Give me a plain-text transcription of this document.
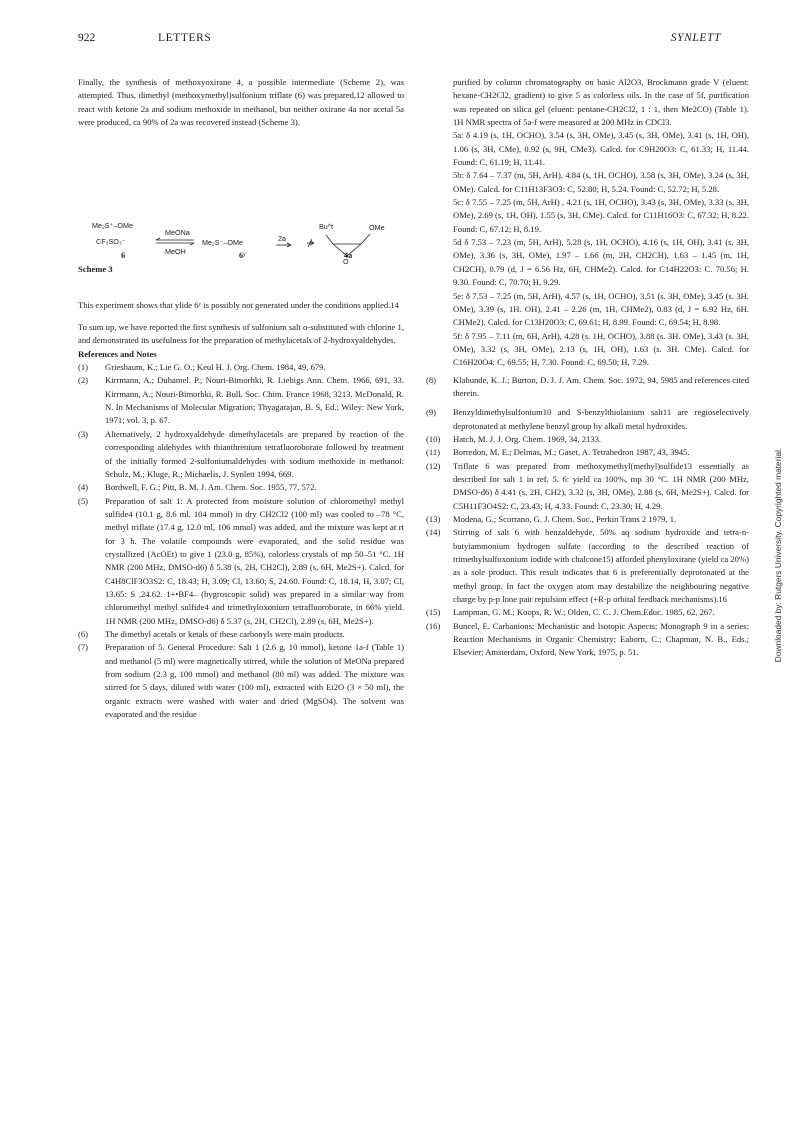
922	LETTERS	SYNLETT

Finally, the synthesis of methoxyoxirane 4, a possible intermediate (Scheme 2), was attempted. Thus, dimethyl (methoxymethyl)sulfonium triflate (6) was prepared,12 allowed to react with ketone 2a and sodium methoxide in methanol, but neither oxirane 4a nor acetal 5a were produced, ca 90% of 2a was recovered instead (Scheme 3).

Me₂S⁺–OMe
CF₃SO₃⁻
MeONa
MeOH
Me₂S⁻–OMe	2a
Bu^t	OMe
O
6	6ʸ	4a

Scheme 3

This experiment shows that ylide 6ʸ is possibly not generated under the conditions applied.14

To sum up, we have reported the first synthesis of sulfonium salt α-substituted with chlorine 1, and demonstrated its usefulness for the preparation of methylacetals of 2-hydroxyaldehydes.

References and Notes

(1) Griesbaum, K.; Lie G. O.; Keul H. J. Org. Chem. 1984, 49, 679.
(2) Kirrmann, A.; Duhamel. P.; Nouri-Bimorhki, R. Liebigs Ann. Chem. 1966, 691, 33. Kirrmann, A.; Nouri-Bimorhki, R. Bull. Soc. Chim. France 1968, 3213. McDonald, R. N. In Mechanisms of Molecular Migration; Thyagarajan, B. S, Ed.; Wiley: New York, 1971; vol. 3, p. 67.
(3) Alternatively, 2 hydroxyaldehyde dimethylacetals are prepared by reaction of the corresponding aldehydes with thianthrenium tetrafluoroborate followed by treatment of the initially formed 2-sulfoniumaldehydes with sodium methoxide in methanol: Schulz, M.; Kluge, R.; Michaelis, J. Synlett 1994, 669.
(4) Bordwell, F. G.; Pitt, B. M. J. Am. Chem. Soc. 1955, 77, 572.
(5) Preparation of salt 1: A protected from moisture solution of chloromethyl methyl sulfide4 (10.1 g, 8.6 ml, 104 mmol) in dry CH2Cl2 (100 ml) was cooled to –78 °C, methyl triflate (17.4 g, 12.0 ml, 106 mmol) was added, and the mixture was kept at rt for 3 h. The volatile compounds were evaporated, and the solid residue was crystallized (AcOEt) to give 1 (23.0 g, 85%), colorless crystals of mp 50–51 °C. 1H NMR (200 MHz, DMSO-d6) δ 5.38 (s, 2H, CH2Cl), 2.89 (s, 6H, Me2S+). Calcd. for C4H8ClF3O3S2: C, 18.43; H, 3.09; Cl, 13.60; S, 24.60. Found: C, 18.14, H, 3.07; Cl, 13.65: S ,24.62. 1+•BF4– (hygroscopic solid) was prepared in a similar way from chloromethyl methyl sulfide4 and trimethyloxonium tetrafluoroborate, in 66% yield. 1H NMR (200 MHz, DMSO-d6) δ 5.37 (s, 2H, CH2Cl), 2.89 (s, 6H, Me2S+).
(6) The dimethyl acetals or ketals of these carbonyls were main products.
(7) Preparation of 5. General Procedure: Salt 1 (2.6 g, 10 mmol), ketone 1a-f (Table 1) and methanol (5 ml) were magnetically stirred, while the solution of MeONa prepared from sodium (2.3 g, 100 mmol) and methanol (80 ml) was added. The mixture was stirred for 5 days, diluted with water (100 ml), extracted with Et2O (3 × 50 ml), the organic extracts were washed with water and dried (MgSO4). The solvent was evaporated and the residue
purified by column chromatography on basic Al2O3, Brockmann grade V (eluent: hexane-CH2Cl2, gradient) to give 5 as colorless oils. In the case of 5f, purification was repeated on silica gel (eluent: pentane-CH2Cl2, 1 : 1, then Me2CO) (Table 1). 1H NMR spectra of 5a-f were measured at 200 MHz in CDCl3.
5a: δ 4.19 (s, 1H, OCHO), 3.54 (s, 3H, OMe), 3.45 (s, 3H, OMe), 3.41 (s, 1H, OH), 1.06 (s, 3H, CMe), 0.92 (s, 9H, CMe3). Calcd. for C9H20O3: C, 61.33; H, 11.44. Found: C, 61.19; H, 11.41.
5b: δ 7.64 – 7.37 (m, 5H, ArH), 4.84 (s, 1H, OCHO), 3.58 (s, 3H, OMe), 3.24 (s, 3H, OMe). Calcd. for C11H13F3O3: C, 52.80; H, 5.24. Found: C, 52.72; H, 5.28.
5c: δ 7.55 – 7.25 (m, 5H, ArH) , 4.21 (s, 1H, OCHO), 3.43 (s, 3H, OMe), 3.33 (s, 3H, OMe), 2.69 (s, 1H, OH), 1.55 (s, 3H, CMe). Calcd. for C11H16O3: C, 67.32; H, 8.22. Found: C, 67.12; H, 8.19.
5d δ 7.53 – 7.23 (m, 5H, ArH), 5.28 (s, 1H, OCHO), 4.16 (s, 1H, OH), 3.41 (s, 3H, OMe), 3.36 (s, 3H, OMe), 1.97 – 1.66 (m, 2H, CH2CH), 1.63 – 1.45 (m, 1H, CH2CH), 0.79 (d, J = 6.56 Hz, 6H, CHMe2). Calcd. for C14H22O3: C. 70.56; H. 9.30. Found: C, 70.70; H, 9.29.
5e: δ 7.53 – 7.25 (m, 5H, ArH), 4.57 (s, 1H, OCHO), 3.51 (s. 3H, OMe), 3.45 (s. 3H. OMe), 3.39 (s, 1H. OH), 2.41 – 2.26 (m, 1H, CHMe2), 0.83 (d, J = 6.92 Hz, 6H. CHMe2). Calcd. for C13H20O3: C, 69.61; H, 8.99. Found: C, 69.54; H, 8.98.
5f: δ 7.95 – 7.11 (m, 6H, ArH), 4.28 (s. 1H, OCHO), 3.88 (s. 3H. OMe), 3.43 (s. 3H, OMe), 3.32 (s, 3H, OMe), 2.13 (s, 1H, OH), 1.63 (s. 3H. CMe). Calcd. for C16H20O4: C, 69.55; H, 7.30. Found: C, 69.50; H, 7.29.
(8) Klabunde, K. J.; Burton, D. J. J. Am. Chem. Soc. 1972, 94, 5985 and references cited therein.
(9) Benzyldimethylsulfonium10 and S-benzylthiolanium salt11 are regioselectively deprotonated at methylene benzyl group by alkali metal hydroxides.
(10) Hatch, M. J. J. Org. Chem. 1969, 34, 2133.
(11) Borredon, M. E.; Delmas, M.; Gaset, A. Tetrahedron 1987, 43, 3945.
(12) Triflate 6 was prepared from methoxymethyl(methyl)sulfide13 essentially as described for salt 1 in ref. 5. 6: yield ca 100%, mp 30 °C. 1H NMR (200 MHz, DMSO-d6) δ 4.41 (s, 2H, CH2), 3.32 (s, 3H, OMe), 2.88 (s, 6H, Me2S+). Calcd. for C5H11F3O4S2: C, 23.43; H, 4.33. Found: C, 23.30; H, 4.29.
(13) Modena, G.; Scorrano, G. J. Chem. Soc., Perkin Trans 2 1979, 1.
(14) Stirring of salt 6 with benzaldehyde, 50% aq sodium hydroxide and tetra-n-butyiammonium hydrogen sulfate (according to the described reaction of trimethylsulfoxonium iodide with chalcone15) afforded phenyloxirane (yield ca 20%) as a sole product. This result indicates that 6 is preferentially deprotonated at the methyl group. In fact the oxygen atom may destabilize the neighbouring negative charge by p-p lone pair repulsion effect (+R-p orbital feedback mechanisms).16
(15) Lampman, G. M.; Koops, R. W.; Olden, C. C. J. Chem.Educ. 1985, 62, 267.
(16) Buncel, E. Carbanions: Mechanistic and Isotopic Aspects; Monograph 9 in a series: Reaction Mechanisms in Organic Chemistry; Eaborn, C.; Chapman, N. B., Eds.; Elsevier: Amsterdam, Oxford, New York, 1975, p. 51.	Downloaded by: Rutgers University. Copyrighted material.
